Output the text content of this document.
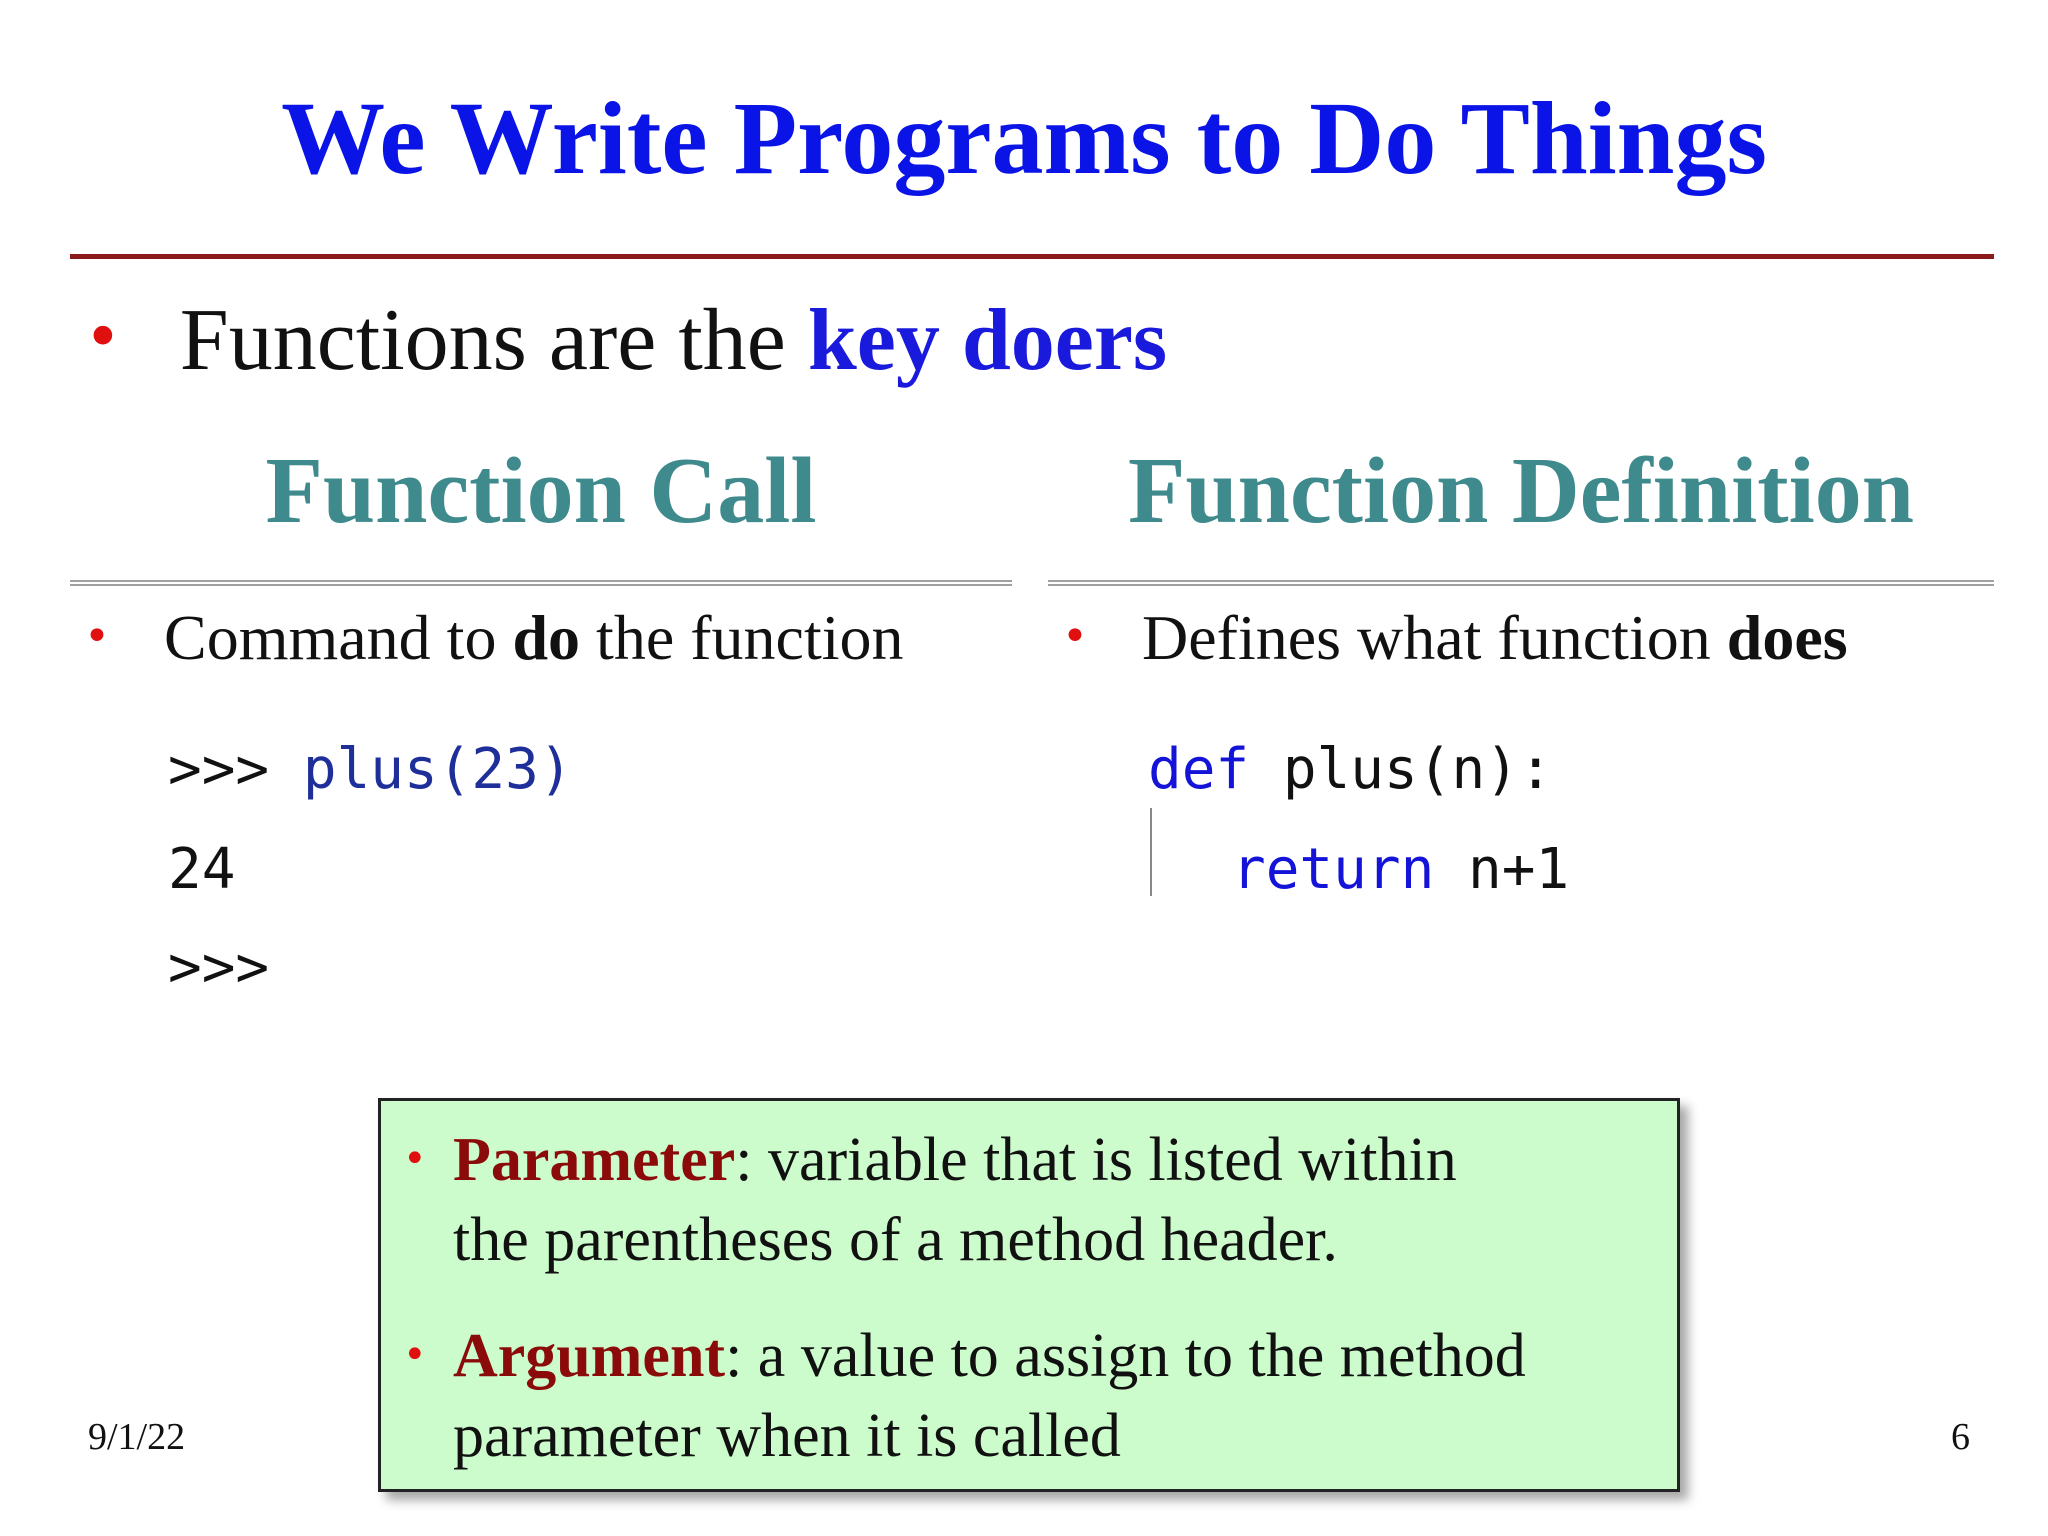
We Write Programs to Do Things
• Functions are the key doers
Function Call	Function Definition
• Command to do the function	• Defines what function does
>>> plus(23)
24
>>>
def plus(n):
return n+1
• Parameter: variable that is listed within
the parentheses of a method header.
• Argument: a value to assign to the method
parameter when it is called
9/1/22	6
